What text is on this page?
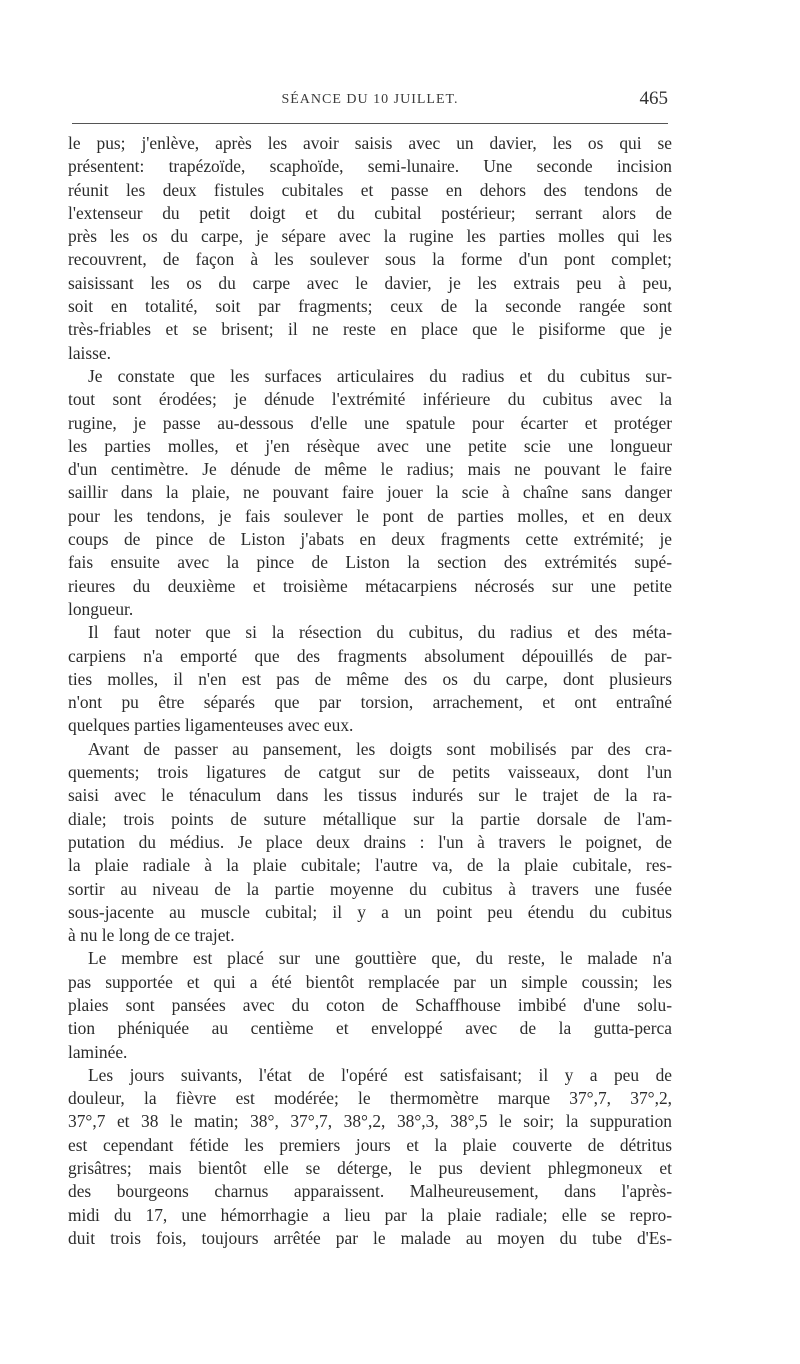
SÉANCE DU 10 JUILLET.	465
le pus; j'enlève, après les avoir saisis avec un davier, les os qui se
présentent: trapézoïde, scaphoïde, semi-lunaire. Une seconde incision
réunit les deux fistules cubitales et passe en dehors des tendons de
l'extenseur du petit doigt et du cubital postérieur; serrant alors de
près les os du carpe, je sépare avec la rugine les parties molles qui les
recouvrent, de façon à les soulever sous la forme d'un pont complet;
saisissant les os du carpe avec le davier, je les extrais peu à peu,
soit en totalité, soit par fragments; ceux de la seconde rangée sont
très-friables et se brisent; il ne reste en place que le pisiforme que je
laisse.
Je constate que les surfaces articulaires du radius et du cubitus sur-
tout sont érodées; je dénude l'extrémité inférieure du cubitus avec la
rugine, je passe au-dessous d'elle une spatule pour écarter et protéger
les parties molles, et j'en résèque avec une petite scie une longueur
d'un centimètre. Je dénude de même le radius; mais ne pouvant le faire
saillir dans la plaie, ne pouvant faire jouer la scie à chaîne sans danger
pour les tendons, je fais soulever le pont de parties molles, et en deux
coups de pince de Liston j'abats en deux fragments cette extrémité; je
fais ensuite avec la pince de Liston la section des extrémités supé-
rieures du deuxième et troisième métacarpiens nécrosés sur une petite
longueur.
Il faut noter que si la résection du cubitus, du radius et des méta-
carpiens n'a emporté que des fragments absolument dépouillés de par-
ties molles, il n'en est pas de même des os du carpe, dont plusieurs
n'ont pu être séparés que par torsion, arrachement, et ont entraîné
quelques parties ligamenteuses avec eux.
Avant de passer au pansement, les doigts sont mobilisés par des cra-
quements; trois ligatures de catgut sur de petits vaisseaux, dont l'un
saisi avec le ténaculum dans les tissus indurés sur le trajet de la ra-
diale; trois points de suture métallique sur la partie dorsale de l'am-
putation du médius. Je place deux drains : l'un à travers le poignet, de
la plaie radiale à la plaie cubitale; l'autre va, de la plaie cubitale, res-
sortir au niveau de la partie moyenne du cubitus à travers une fusée
sous-jacente au muscle cubital; il y a un point peu étendu du cubitus
à nu le long de ce trajet.
Le membre est placé sur une gouttière que, du reste, le malade n'a
pas supportée et qui a été bientôt remplacée par un simple coussin; les
plaies sont pansées avec du coton de Schaffhouse imbibé d'une solu-
tion phéniquée au centième et enveloppé avec de la gutta-perca
laminée.
Les jours suivants, l'état de l'opéré est satisfaisant; il y a peu de
douleur, la fièvre est modérée; le thermomètre marque 37°,7, 37°,2,
37°,7 et 38 le matin; 38°, 37°,7, 38°,2, 38°,3, 38°,5 le soir; la suppuration
est cependant fétide les premiers jours et la plaie couverte de détritus
grisâtres; mais bientôt elle se déterge, le pus devient phlegmoneux et
des bourgeons charnus apparaissent. Malheureusement, dans l'après-
midi du 17, une hémorrhagie a lieu par la plaie radiale; elle se repro-
duit trois fois, toujours arrêtée par le malade au moyen du tube d'Es-
